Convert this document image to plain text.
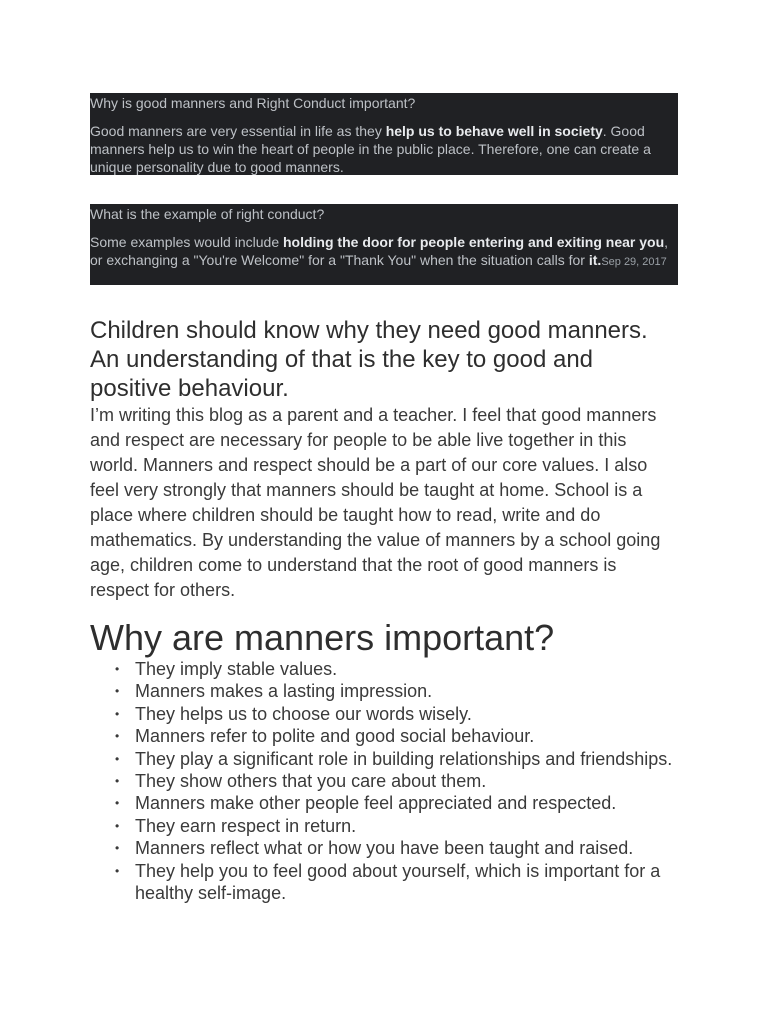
Why is good manners and Right Conduct important?
Good manners are very essential in life as they help us to behave well in society. Good manners help us to win the heart of people in the public place. Therefore, one can create a unique personality due to good manners.
What is the example of right conduct?
Some examples would include holding the door for people entering and exiting near you, or exchanging a "You're Welcome" for a "Thank You" when the situation calls for it.Sep 29, 2017
Children should know why they need good manners. An understanding of that is the key to good and positive behaviour.

I’m writing this blog as a parent and a teacher. I feel that good manners and respect are necessary for people to be able live together in this world. Manners and respect should be a part of our core values. I also feel very strongly that manners should be taught at home. School is a place where children should be taught how to read, write and do mathematics. By understanding the value of manners by a school going age, children come to understand that the root of good manners is respect for others.

Why are manners important?
• They imply stable values.
• Manners makes a lasting impression.
• They helps us to choose our words wisely.
• Manners refer to polite and good social behaviour.
• They play a significant role in building relationships and friendships.
• They show others that you care about them.
• Manners make other people feel appreciated and respected.
• They earn respect in return.
• Manners reflect what or how you have been taught and raised.
• They help you to feel good about yourself, which is important for a healthy self-image.
